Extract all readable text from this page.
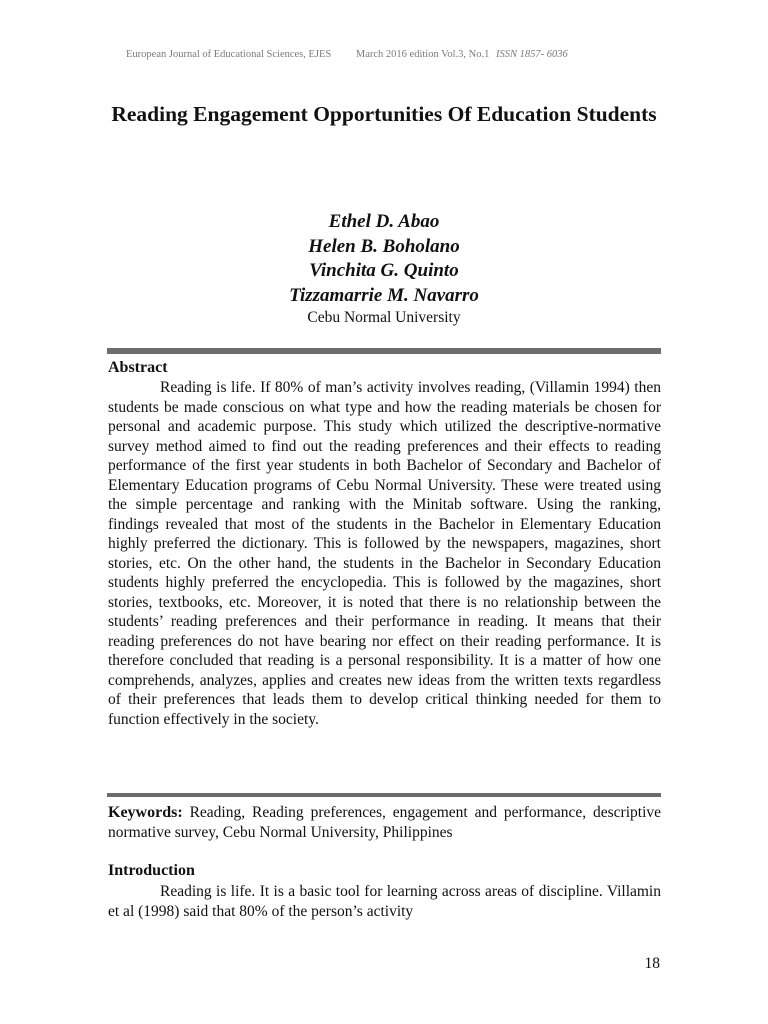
European Journal of Educational Sciences, EJES March 2016 edition Vol.3, No.1 ISSN 1857- 6036
Reading Engagement Opportunities Of Education Students
Ethel D. Abao
Helen B. Boholano
Vinchita G. Quinto
Tizzamarrie M. Navarro
Cebu Normal University
Abstract

Reading is life. If 80% of man’s activity involves reading, (Villamin 1994) then students be made conscious on what type and how the reading materials be chosen for personal and academic purpose. This study which utilized the descriptive-normative survey method aimed to find out the reading preferences and their effects to reading performance of the first year students in both Bachelor of Secondary and Bachelor of Elementary Education programs of Cebu Normal University. These were treated using the simple percentage and ranking with the Minitab software. Using the ranking, findings revealed that most of the students in the Bachelor in Elementary Education highly preferred the dictionary. This is followed by the newspapers, magazines, short stories, etc. On the other hand, the students in the Bachelor in Secondary Education students highly preferred the encyclopedia. This is followed by the magazines, short stories, textbooks, etc. Moreover, it is noted that there is no relationship between the students’ reading preferences and their performance in reading. It means that their reading preferences do not have bearing nor effect on their reading performance. It is therefore concluded that reading is a personal responsibility. It is a matter of how one comprehends, analyzes, applies and creates new ideas from the written texts regardless of their preferences that leads them to develop critical thinking needed for them to function effectively in the society.

Keywords: Reading, Reading preferences, engagement and performance, descriptive normative survey, Cebu Normal University, Philippines

Introduction

Reading is life. It is a basic tool for learning across areas of discipline. Villamin et al (1998) said that 80% of the person’s activity

18
